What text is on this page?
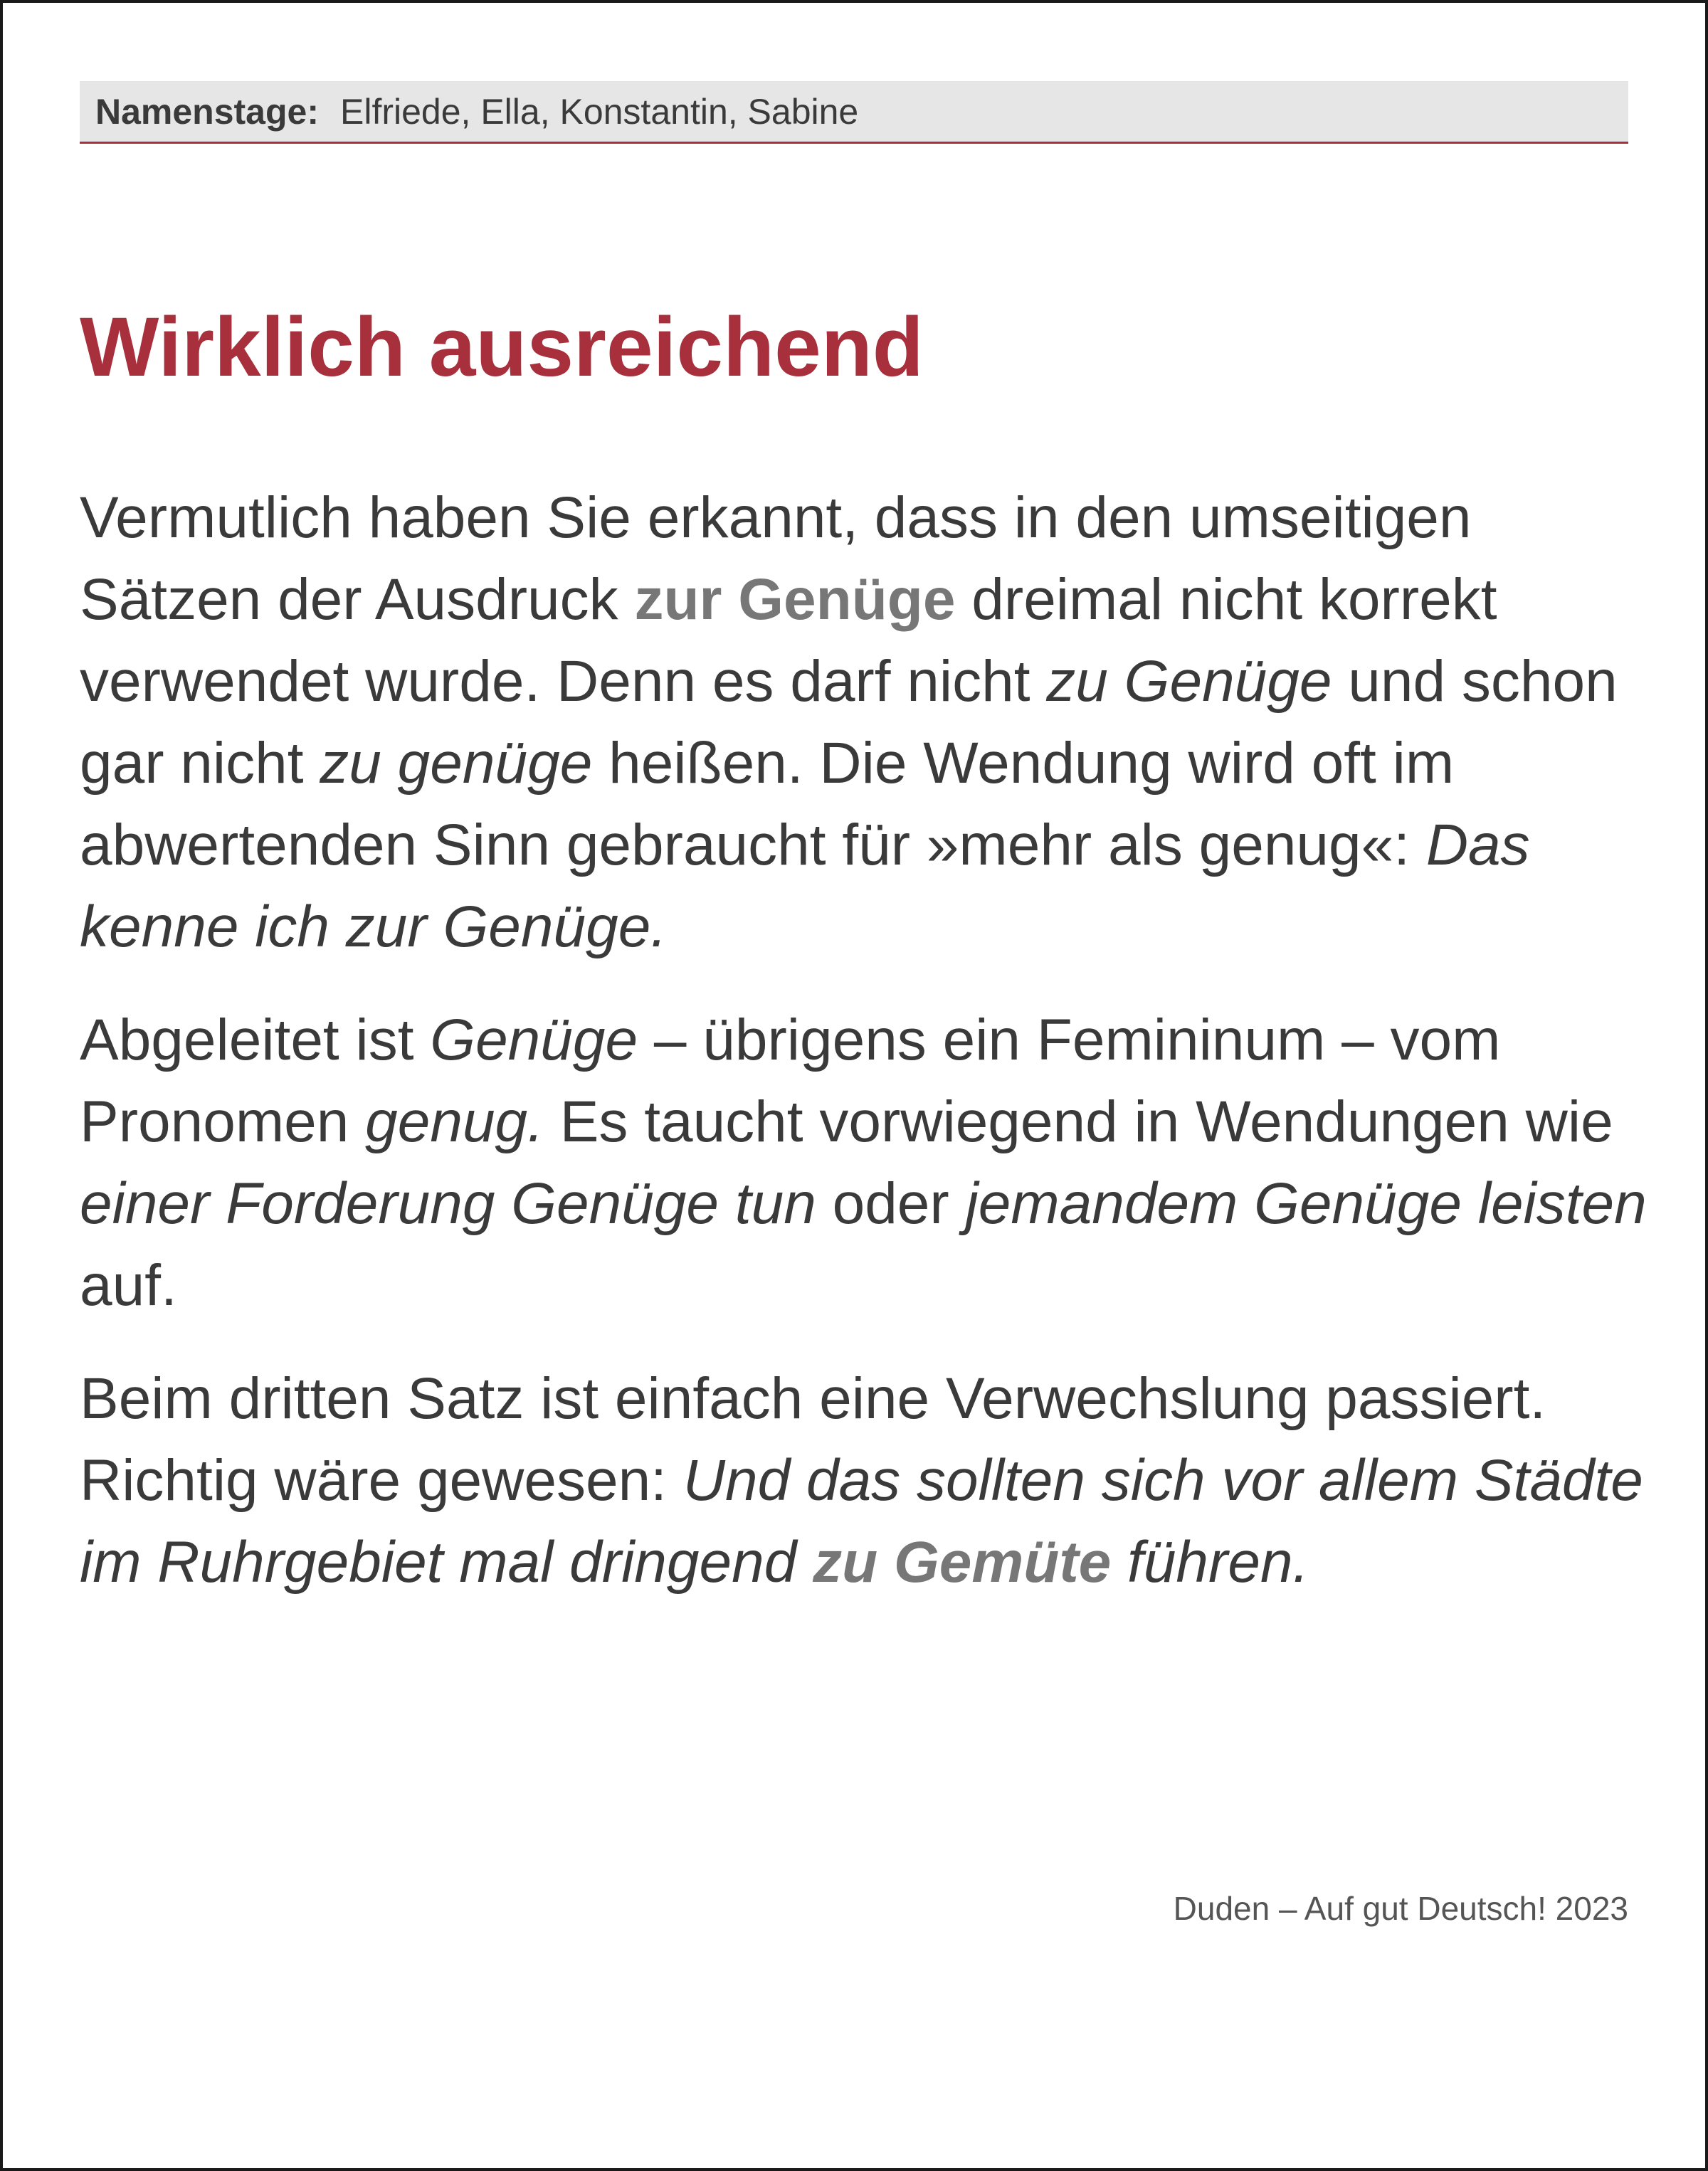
Namenstage: Elfriede, Ella, Konstantin, Sabine
Wirklich ausreichend

Vermutlich haben Sie erkannt, dass in den umseitigen Sätzen der Ausdruck zur Genüge dreimal nicht korrekt verwendet wurde. Denn es darf nicht zu Genüge und schon gar nicht zu genüge heißen. Die Wendung wird oft im abwertenden Sinn gebraucht für »mehr als genug«: Das kenne ich zur Genüge.

Abgeleitet ist Genüge – übrigens ein Femininum – vom Pronomen genug. Es taucht vorwiegend in Wendungen wie einer Forderung Genüge tun oder jemandem Genüge leisten auf.

Beim dritten Satz ist einfach eine Verwechslung passiert. Richtig wäre gewesen: Und das sollten sich vor allem Städte im Ruhrgebiet mal dringend zu Gemüte führen.

Duden – Auf gut Deutsch! 2023
